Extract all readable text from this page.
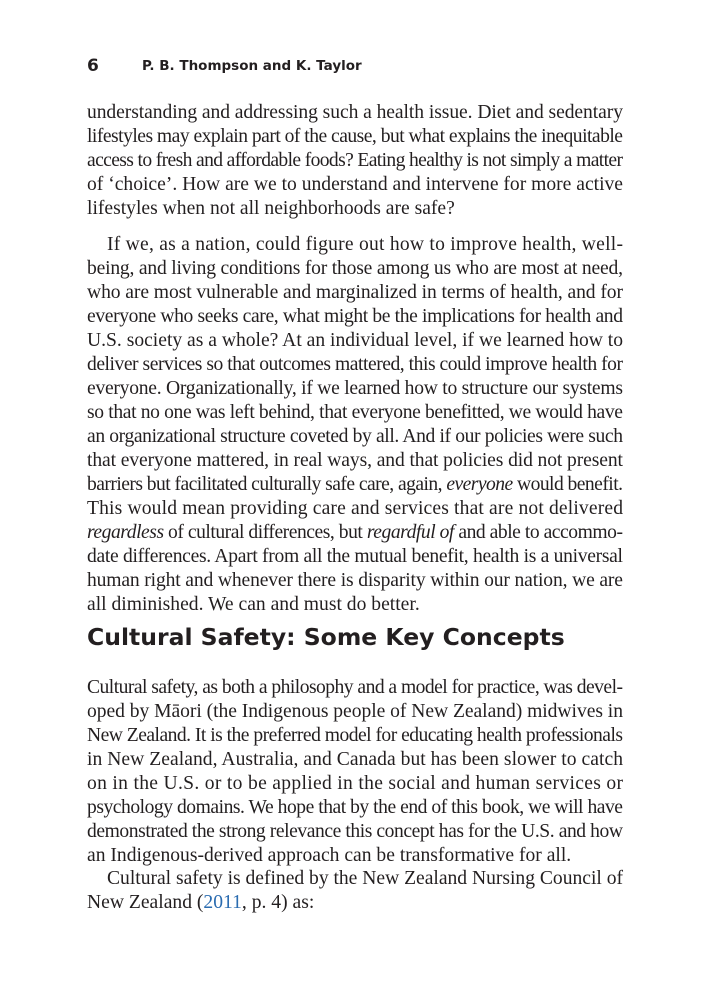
6	P. B. Thompson and K. Taylor
understanding and addressing such a health issue. Diet and sedentary
lifestyles may explain part of the cause, but what explains the inequitable
access to fresh and affordable foods? Eating healthy is not simply a matter
of ‘choice’. How are we to understand and intervene for more active
lifestyles when not all neighborhoods are safe?
If we, as a nation, could figure out how to improve health, well-
being, and living conditions for those among us who are most at need,
who are most vulnerable and marginalized in terms of health, and for
everyone who seeks care, what might be the implications for health and
U.S. society as a whole? At an individual level, if we learned how to
deliver services so that outcomes mattered, this could improve health for
everyone. Organizationally, if we learned how to structure our systems
so that no one was left behind, that everyone benefitted, we would have
an organizational structure coveted by all. And if our policies were such
that everyone mattered, in real ways, and that policies did not present
barriers but facilitated culturally safe care, again, everyone would benefit.
This would mean providing care and services that are not delivered
regardless of cultural differences, but regardful of and able to accommo-
date differences. Apart from all the mutual benefit, health is a universal
human right and whenever there is disparity within our nation, we are
all diminished. We can and must do better.
Cultural Safety: Some Key Concepts
Cultural safety, as both a philosophy and a model for practice, was devel-
oped by Māori (the Indigenous people of New Zealand) midwives in
New Zealand. It is the preferred model for educating health professionals
in New Zealand, Australia, and Canada but has been slower to catch
on in the U.S. or to be applied in the social and human services or
psychology domains. We hope that by the end of this book, we will have
demonstrated the strong relevance this concept has for the U.S. and how
an Indigenous-derived approach can be transformative for all.
Cultural safety is defined by the New Zealand Nursing Council of
New Zealand (2011, p. 4) as:
